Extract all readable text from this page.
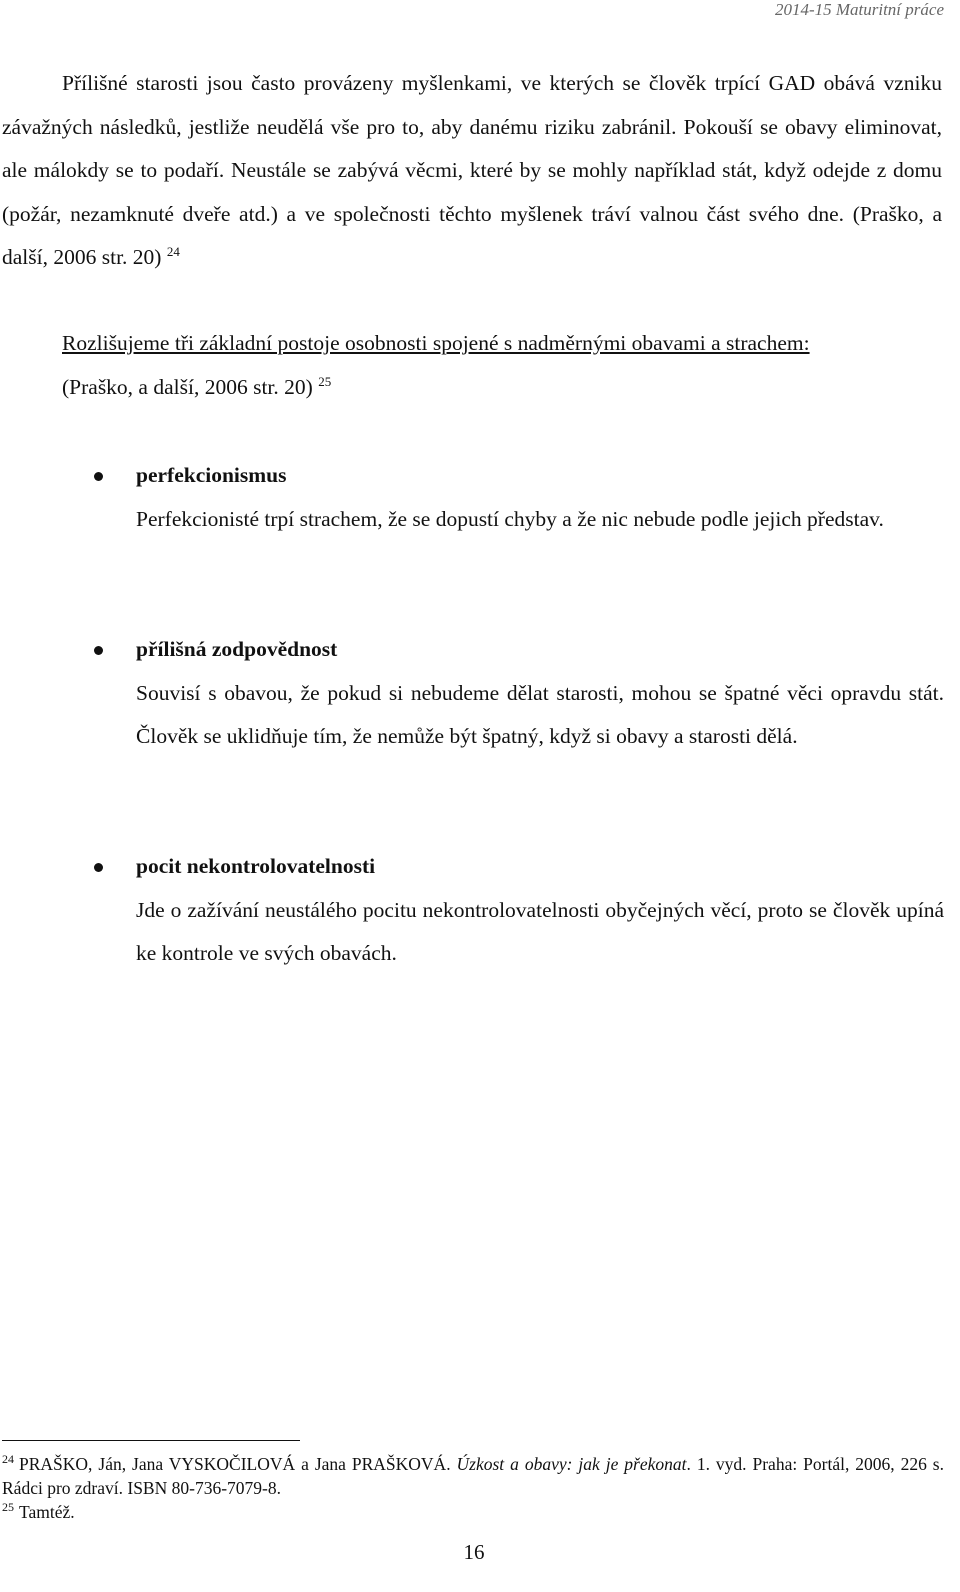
2014-15 Maturitní práce
Přílišné starosti jsou často provázeny myšlenkami, ve kterých se člověk trpící GAD obává vzniku závažných následků, jestliže neudělá vše pro to, aby danému riziku zabránil. Pokouší se obavy eliminovat, ale málokdy se to podaří. Neustále se zabývá věcmi, které by se mohly například stát, když odejde z domu (požár, nezamknuté dveře atd.) a ve společnosti těchto myšlenek tráví valnou část svého dne. (Praško, a další, 2006 str. 20) $^{24}$
Rozlišujeme tři základní postoje osobnosti spojené s nadměrnými obavami a strachem:
(Praško, a další, 2006 str. 20) $^{25}$
perfekcionismus
Perfekcionisté trpí strachem, že se dopustí chyby a že nic nebude podle jejich představ.
přílišná zodpovědnost
Souvisí s obavou, že pokud si nebudeme dělat starosti, mohou se špatné věci opravdu stát. Člověk se uklidňuje tím, že nemůže být špatný, když si obavy a starosti dělá.
pocit nekontrolovatelnosti
Jde o zažívání neustálého pocitu nekontrolovatelnosti obyčejných věcí, proto se člověk upíná ke kontrole ve svých obavách.
$^{24}$ PRAŠKO, Ján, Jana VYSKOČILOVÁ a Jana PRAŠKOVÁ. Úzkost a obavy: jak je překonat. 1. vyd. Praha: Portál, 2006, 226 s. Rádci pro zdraví. ISBN 80-736-7079-8.
$^{25}$ Tamtéž.
16
